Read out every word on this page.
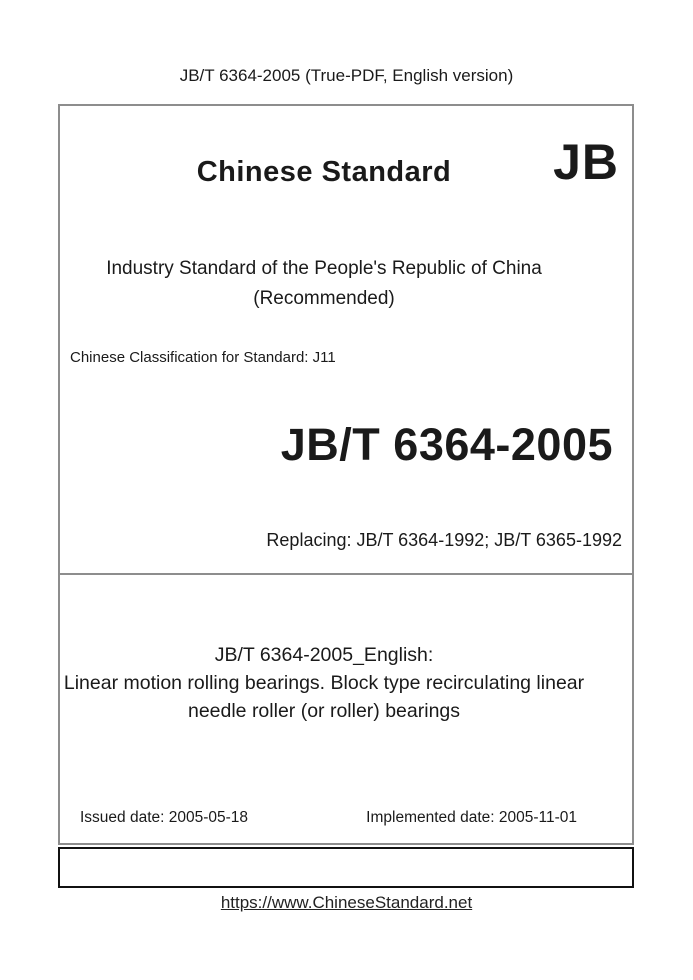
JB/T 6364-2005 (True-PDF, English version)
Chinese Standard	JB
Industry Standard of the People's Republic of China
(Recommended)
Chinese Classification for Standard: J11
JB/T 6364-2005
Replacing: JB/T 6364-1992; JB/T 6365-1992
JB/T 6364-2005_English:
Linear motion rolling bearings. Block type recirculating linear
needle roller (or roller) bearings
Issued date: 2005-05-18	Implemented date: 2005-11-01
https://www.ChineseStandard.net
